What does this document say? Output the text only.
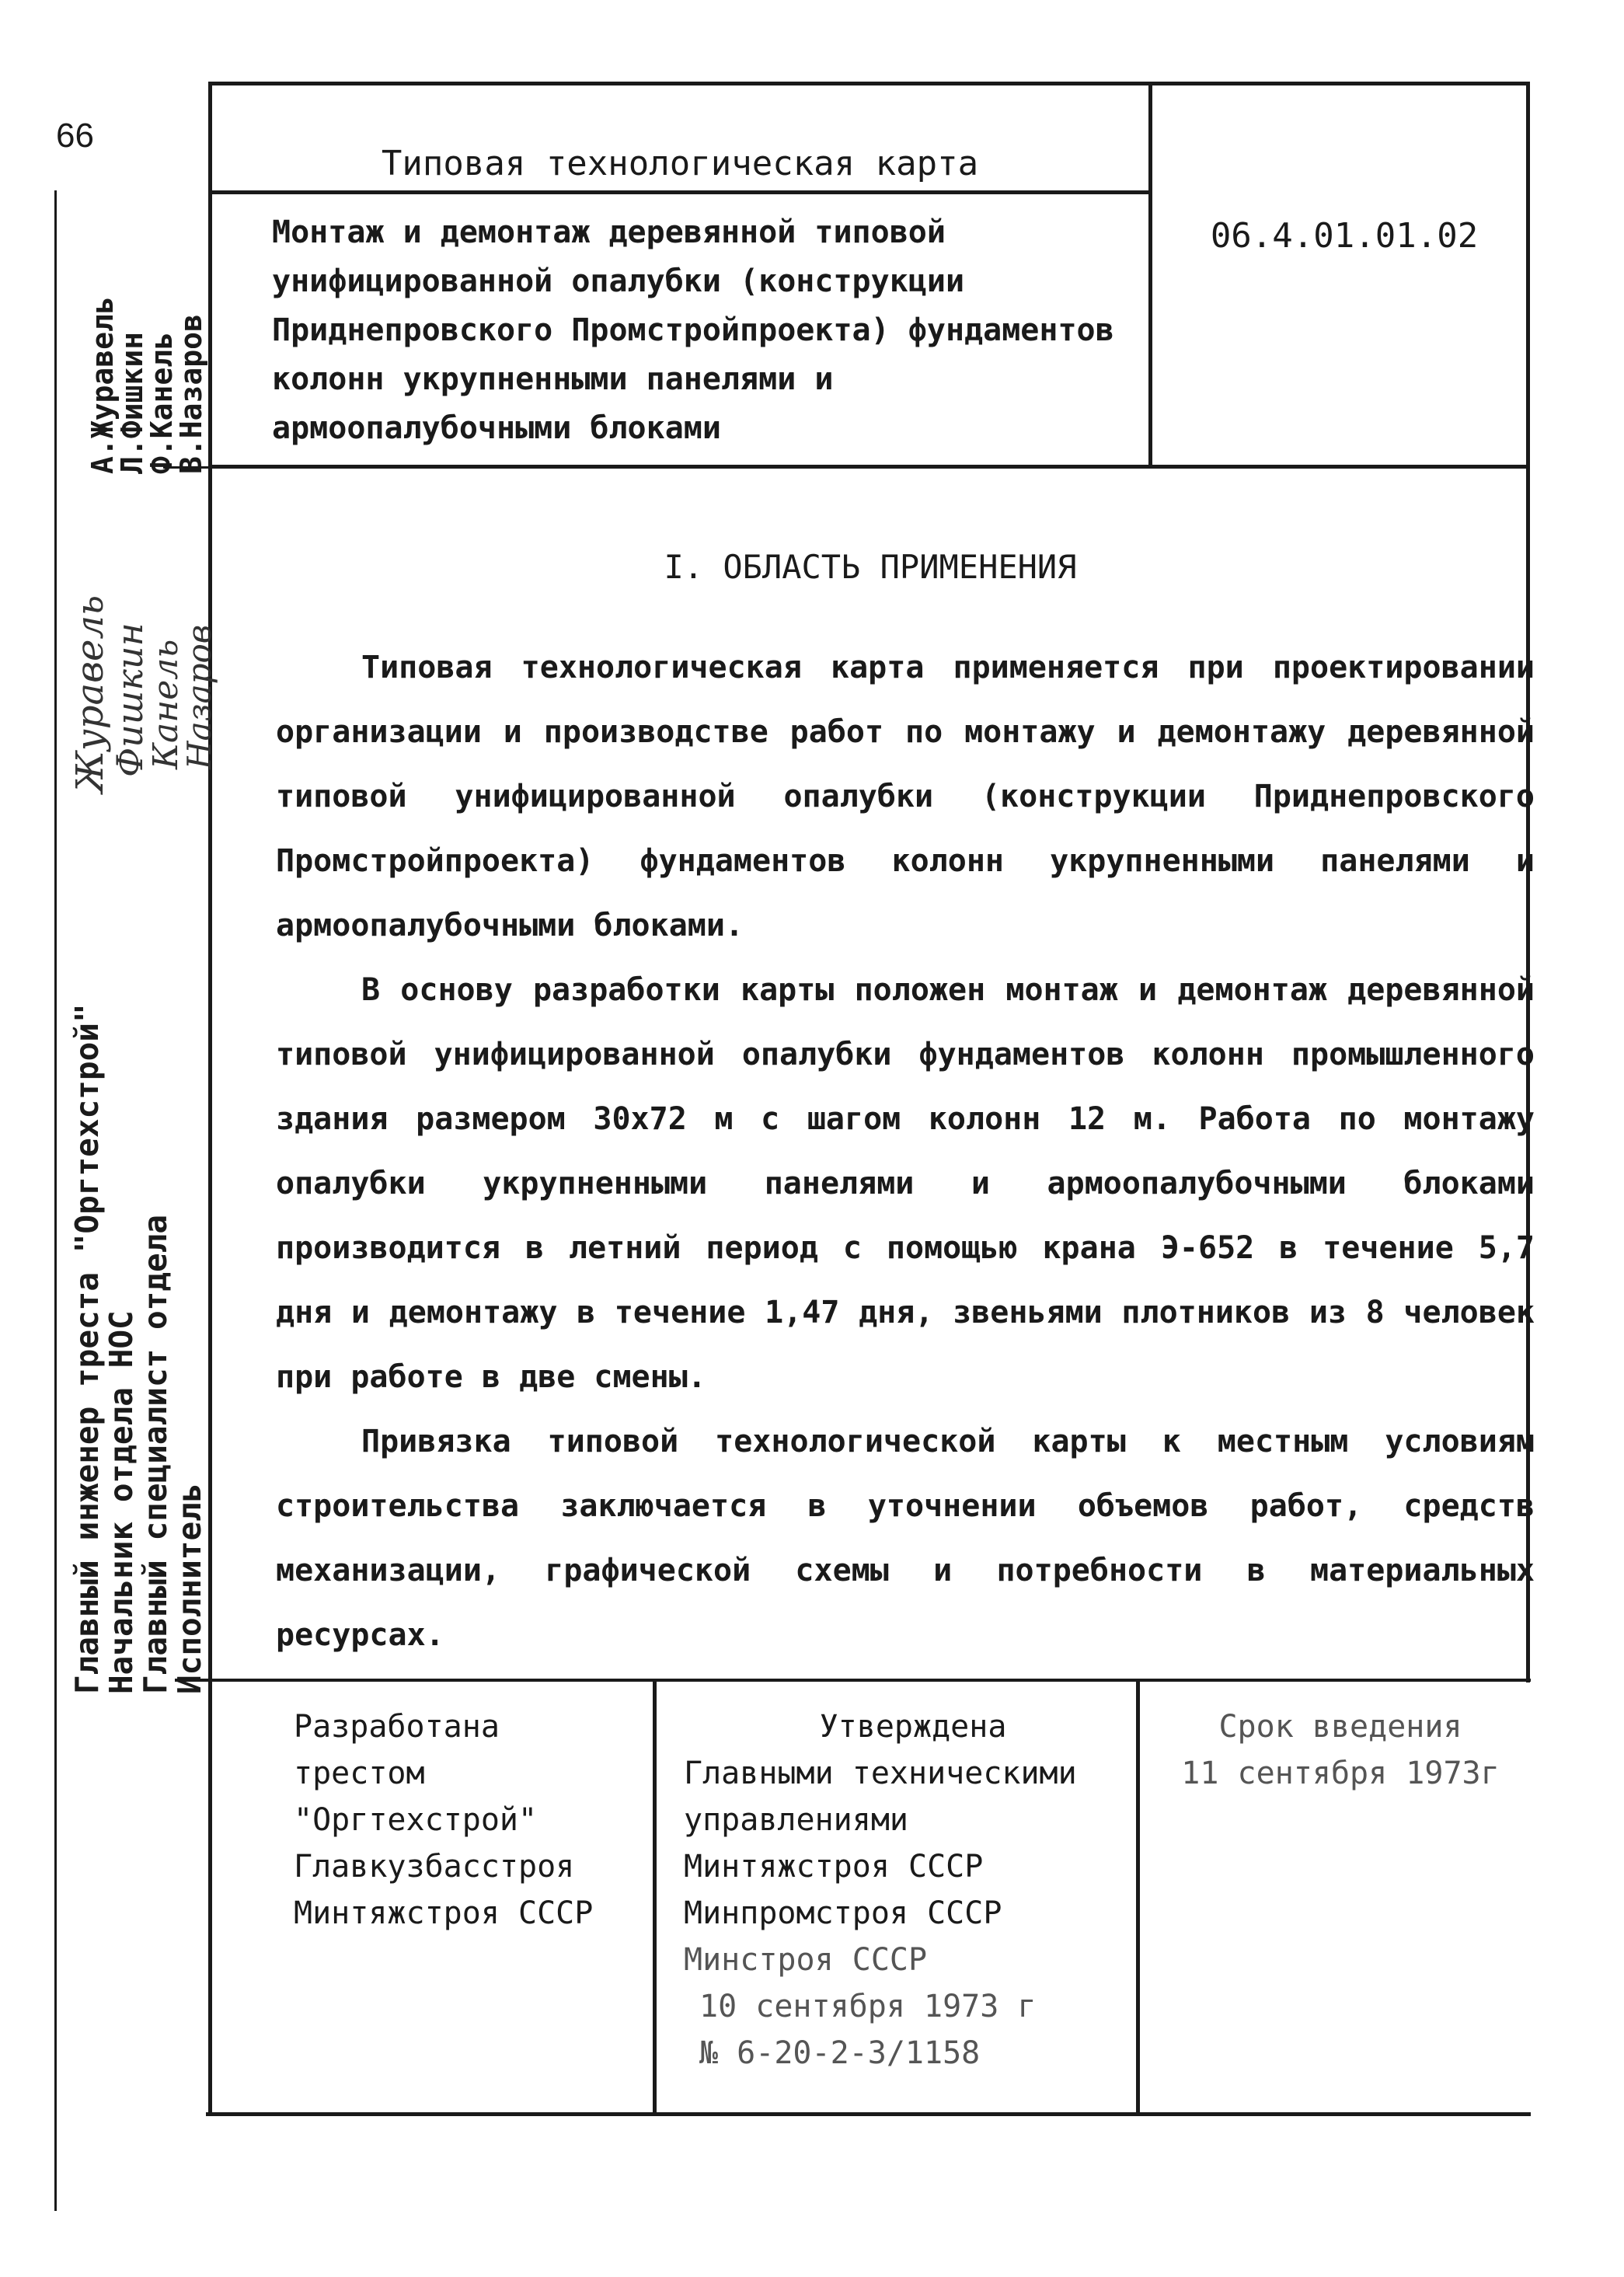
66
Типовая технологическая карта
Монтаж и демонтаж деревянной типовой унифицированной опалубки (конструкции Приднепровского Промстройпроекта) фундаментов колонн укрупненными панелями и армоопалубочными блоками
06.4.01.01.02
А.Журавель
Л.Фишкин
Ф.Канель
В.Назаров
Журавель
Фишкин
Канель
Назаров
Главный инженер треста "Оргтехстрой"
Начальник отдела НОС
Главный специалист отдела
Исполнитель
I. ОБЛАСТЬ ПРИМЕНЕНИЯ

Типовая технологическая карта применяется при проектировании организации и производстве работ по монтажу и демонтажу деревянной типовой унифицированной опалубки (конструкции Приднепровского Промстройпроекта) фундаментов колонн укрупненными панелями и армоопалубочными блоками.

В основу разработки карты положен монтаж и демонтаж деревянной типовой унифицированной опалубки фундаментов колонн промышленного здания размером 30х72 м с шагом колонн 12 м. Работа по монтажу опалубки укрупненными панелями и армоопалубочными блоками производится в летний период с помощью крана Э-652 в течение 5,7 дня и демонтажу в течение 1,47 дня, звеньями плотников из 8 человек при работе в две смены.

Привязка типовой технологической карты к местным условиям строительства заключается в уточнении объемов работ, средств механизации, графической схемы и потребности в материальных ресурсах.

Разработана
трестом
"Оргтехстрой"
Главкузбасстроя
Минтяжстроя СССР
Утверждена
Главными техническими
управлениями
Минтяжстроя СССР
Минпромстроя СССР
Минстроя СССР
10 сентября 1973 г
№ 6-20-2-3/1158
Срок введения
11 сентября 1973г
